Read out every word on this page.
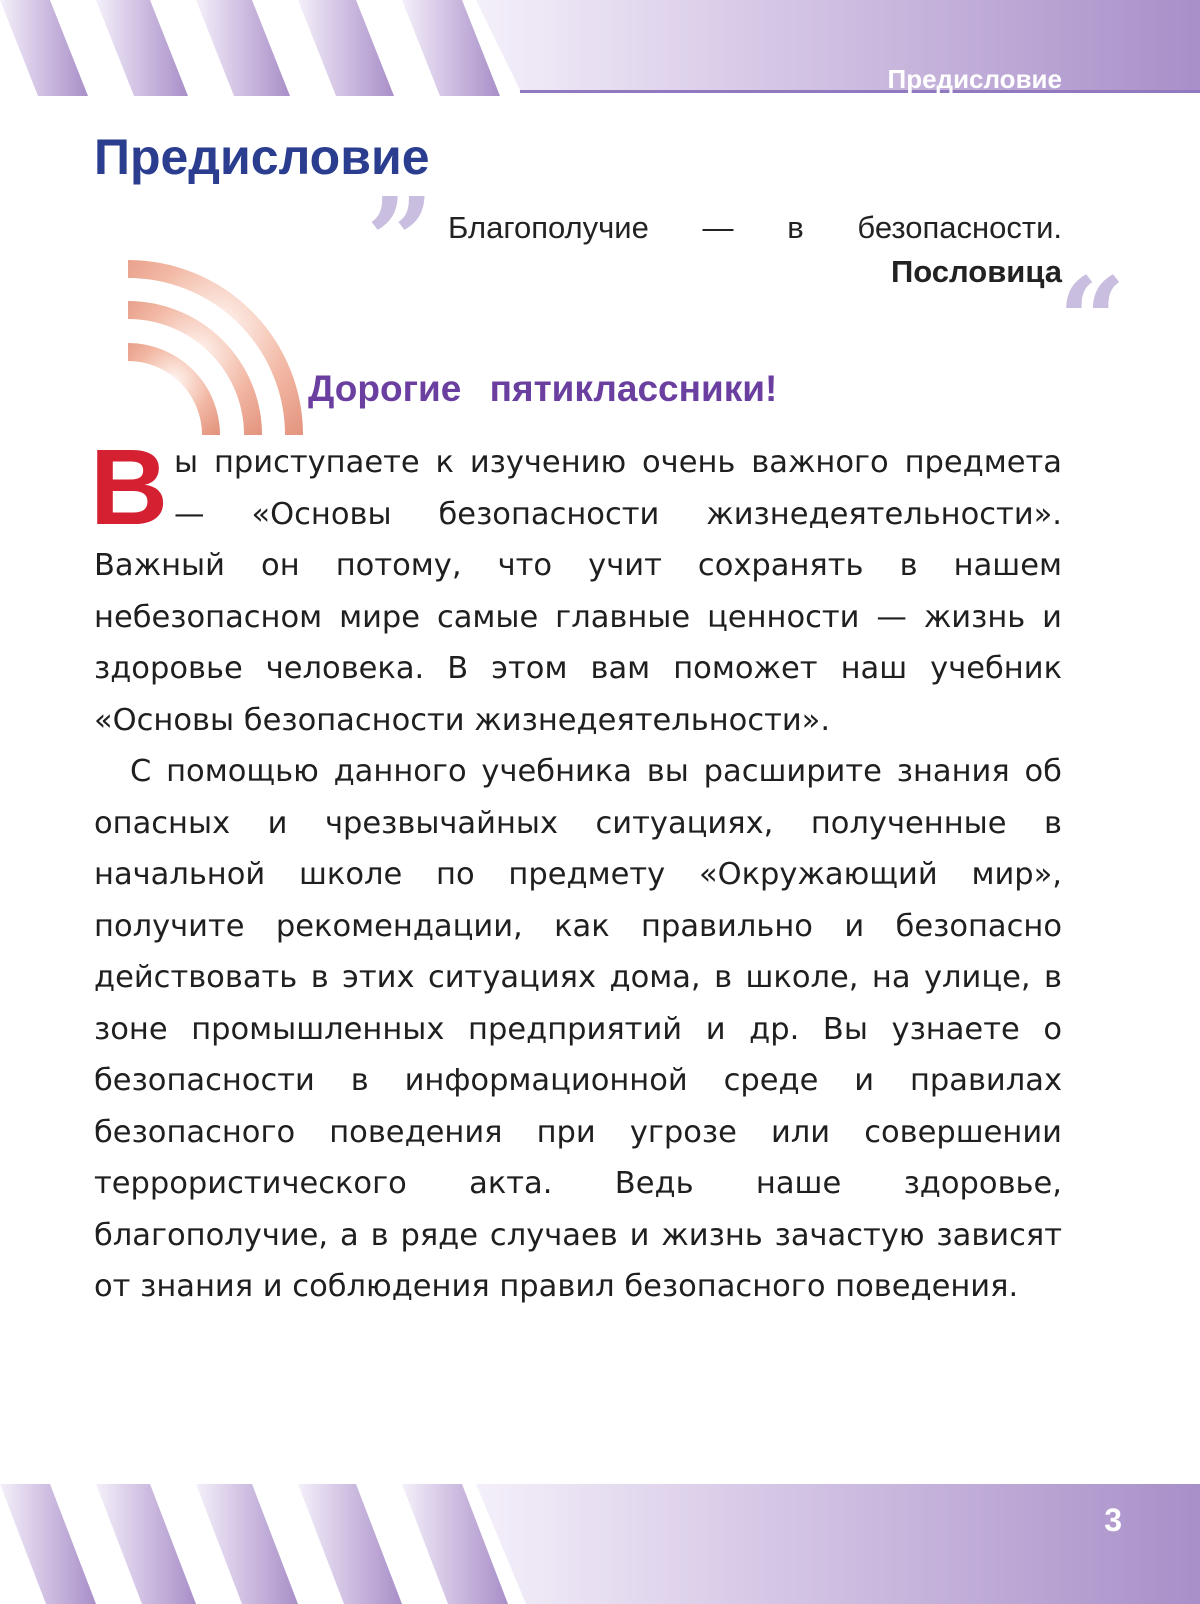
Предисловие
Предисловие
” Благополучие — в безопасности.
Пословица
“
Дорогие пятиклассники!

Вы приступаете к изучению очень важного предмета — «Основы безопасности жизнедеятельности». Важный он потому, что учит сохранять в нашем небезопасном мире самые главные ценности — жизнь и здоровье человека. В этом вам поможет наш учебник «Основы безопасности жизнедеятельности».

С помощью данного учебника вы расширите знания об опасных и чрезвычайных ситуациях, полученные в начальной школе по предмету «Окружающий мир», получите рекомендации, как правильно и безопасно действовать в этих ситуациях дома, в школе, на улице, в зоне промышленных предприятий и др. Вы узнаете о безопасности в информационной среде и правилах безопасного поведения при угрозе или совершении террористического акта. Ведь наше здоровье, благополучие, а в ряде случаев и жизнь зачастую зависят от знания и соблюдения правил безопасного поведения.

3
